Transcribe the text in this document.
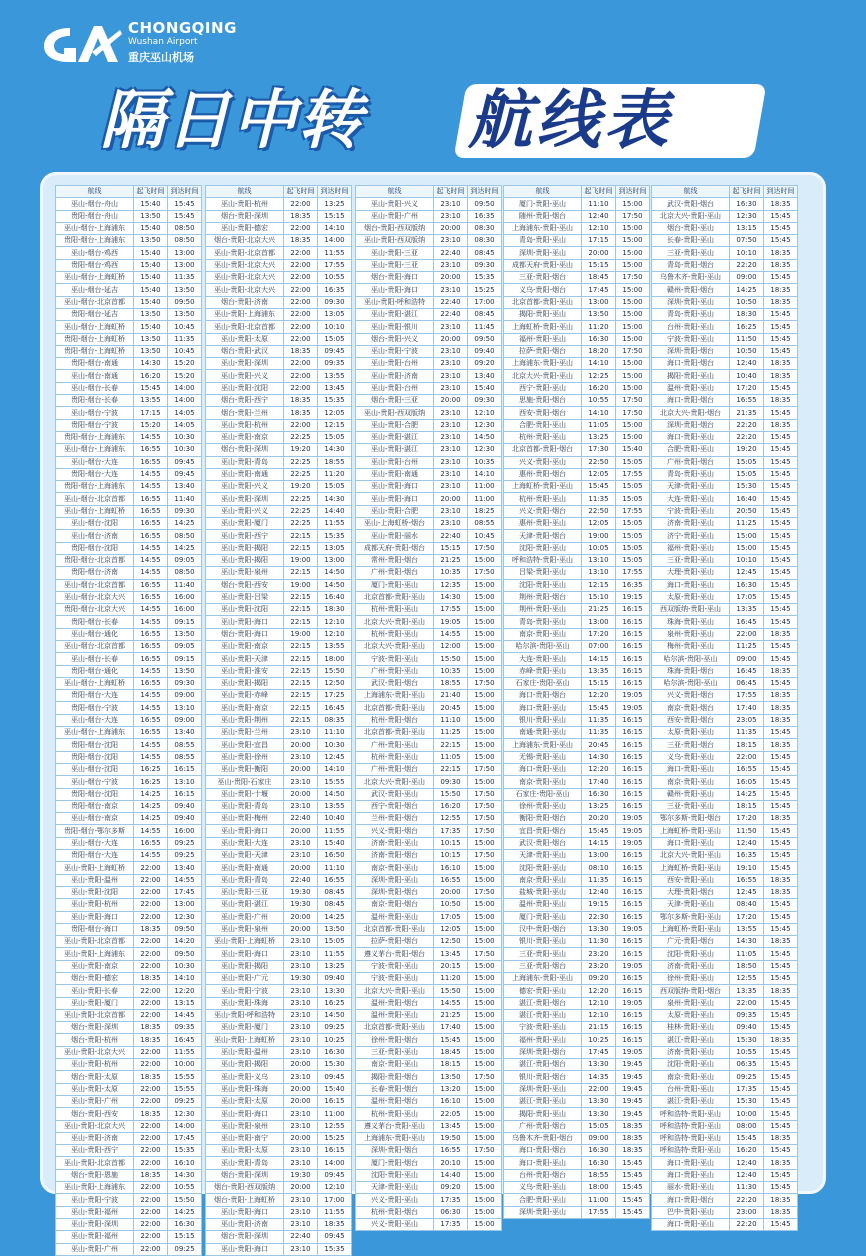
CHONGQING
Wushan Airport
重庆巫山机场
隔日中转 航线表
航线	起飞时间	到达时间
巫山-烟台-舟山	15:40	15:45
贵阳-烟台-舟山	13:50	15:45
巫山-烟台-上海浦东	15:40	08:50
贵阳-烟台-上海浦东	13:50	08:50
巫山-烟台-鸡西	15:40	13:00
贵阳-烟台-鸡西	15:40	13:00
巫山-烟台-上海虹桥	15:40	11:35
巫山-烟台-延吉	15:40	13:50
巫山-烟台-北京首都	15:40	09:50
贵阳-烟台-延吉	13:50	13:50
巫山-烟台-上海虹桥	15:40	10:45
贵阳-烟台-上海虹桥	13:50	11:35
贵阳-烟台-上海虹桥	13:50	10:45
贵阳-烟台-南通	14:30	15:20
巫山-烟台-南通	16:20	15:20
巫山-烟台-长春	15:45	14:00
贵阳-烟台-长春	13:55	14:00
巫山-烟台-宁波	17:15	14:05
贵阳-烟台-宁波	15:20	14:05
贵阳-烟台-上海浦东	14:55	10:30
巫山-烟台-上海浦东	16:55	10:30
巫山-烟台-大连	16:55	09:45
贵阳-烟台-大连	14:55	09:45
贵阳-烟台-上海浦东	14:55	13:40
巫山-烟台-北京首都	16:55	11:40
巫山-烟台-上海虹桥	16:55	09:30
巫山-烟台-沈阳	16:55	14:25
巫山-烟台-济南	16:55	08:50
贵阳-烟台-沈阳	14:55	14:25
贵阳-烟台-北京首都	14:55	09:05
贵阳-烟台-济南	14:55	08:50
巫山-烟台-北京首都	16:55	11:40
巫山-烟台-北京大兴	16:55	16:00
贵阳-烟台-北京大兴	14:55	16:00
贵阳-烟台-长春	14:55	09:15
巫山-烟台-通化	16:55	13:50
巫山-烟台-北京首都	16:55	09:05
巫山-烟台-长春	16:55	09:15
贵阳-烟台-通化	14:55	13:50
巫山-烟台-上海虹桥	16:55	09:30
贵阳-烟台-大连	14:55	09:00
贵阳-烟台-宁波	14:55	13:10
巫山-烟台-大连	16:55	09:00
巫山-烟台-上海浦东	16:55	13:40
贵阳-烟台-沈阳	14:55	08:55
贵阳-烟台-沈阳	14:55	08:55
巫山-烟台-沈阳	16:25	16:15
巫山-烟台-宁波	16:25	13:10
贵阳-烟台-沈阳	14:25	16:15
贵阳-烟台-南京	14:25	09:40
巫山-烟台-南京	14:25	09:40
贵阳-烟台-鄂尔多斯	14:55	16:00
巫山-烟台-大连	16:55	09:25
贵阳-烟台-大连	14:55	09:25
巫山-贵阳-上海虹桥	22:00	13:40
巫山-贵阳-温州	22:00	14:55
巫山-贵阳-沈阳	22:00	17:45
巫山-贵阳-杭州	22:00	13:00
巫山-贵阳-海口	22:00	12:30
贵阳-烟台-海口	18:35	09:50
巫山-贵阳-北京首都	22:00	14:20
巫山-贵阳-上海浦东	22:00	09:50
巫山-贵阳-南京	22:00	10:30
烟台-贵阳-德宏	18:35	14:10
巫山-贵阳-长春	22:00	12:20
巫山-贵阳-厦门	22:00	13:15
巫山-贵阳-北京首都	22:00	14:45
烟台-贵阳-深圳	18:35	09:35
烟台-贵阳-杭州	18:35	16:45
巫山-贵阳-北京大兴	22:00	11:55
巫山-贵阳-杭州	22:00	10:00
烟台-贵阳-太原	18:35	15:55
巫山-贵阳-太原	22:00	15:55
巫山-贵阳-广州	22:00	09:25
烟台-贵阳-西安	18:35	12:30
巫山-贵阳-北京大兴	22:00	14:00
巫山-贵阳-济南	22:00	17:45
巫山-贵阳-西宁	22:00	15:35
巫山-贵阳-北京首都	22:00	16:10
烟台-贵阳-恩施	18:35	14:30
巫山-贵阳-上海浦东	22:00	10:55
巫山-贵阳-宁波	22:00	15:50
巫山-贵阳-福州	22:00	14:25
巫山-贵阳-深圳	22:00	16:30
巫山-贵阳-福州	22:00	15:15
巫山-贵阳-广州	22:00	09:25
航线	起飞时间	到达时间
巫山-贵阳-杭州	22:00	13:25
烟台-贵阳-深圳	18:35	15:15
巫山-贵阳-德宏	22:00	14:10
烟台-贵阳-北京大兴	18:35	14:00
巫山-贵阳-北京首都	22:00	11:55
巫山-贵阳-北京大兴	22:00	17:55
巫山-贵阳-北京大兴	22:00	10:55
巫山-贵阳-北京大兴	22:00	16:35
烟台-贵阳-济南	22:00	09:30
巫山-贵阳-上海浦东	22:00	13:05
巫山-贵阳-北京首都	22:00	10:10
巫山-贵阳-太原	22:00	15:05
烟台-贵阳-武汉	18:35	09:45
巫山-贵阳-深圳	22:00	09:35
巫山-贵阳-兴义	22:00	13:55
巫山-贵阳-沈阳	22:00	13:45
烟台-贵阳-西宁	18:35	15:35
烟台-贵阳-兰州	18:35	12:05
巫山-贵阳-杭州	22:00	12:15
巫山-贵阳-南京	22:25	15:05
烟台-贵阳-深圳	19:20	14:30
巫山-贵阳-青岛	22:25	18:55
巫山-贵阳-南通	22:25	11:20
巫山-贵阳-兴义	19:20	15:05
巫山-贵阳-深圳	22:25	14:30
巫山-贵阳-兴义	22:25	14:40
巫山-贵阳-厦门	22:25	11:55
巫山-贵阳-西宁	22:15	15:35
巫山-贵阳-揭阳	22:15	13:05
巫山-贵阳-揭阳	19:00	13:00
巫山-贵阳-泉州	22:15	14:50
烟台-贵阳-西安	19:00	14:50
巫山-贵阳-吕梁	22:15	16:40
巫山-贵阳-沈阳	22:15	18:30
巫山-贵阳-海口	22:15	12:10
烟台-贵阳-海口	19:00	12:10
巫山-贵阳-南京	22:15	13:55
巫山-贵阳-天津	22:15	18:00
巫山-贵阳-淮安	22:15	15:50
巫山-贵阳-揭阳	22:15	12:50
巫山-贵阳-赤峰	22:15	17:25
巫山-贵阳-南京	22:15	16:45
巫山-贵阳-荆州	22:15	08:35
巫山-贵阳-兰州	23:10	11:10
巫山-贵阳-宜昌	20:00	10:30
巫山-贵阳-徐州	23:10	12:45
巫山-贵阳-衡阳	20:00	14:10
巫山-贵阳-石家庄	23:10	15:55
巫山-贵阳-十堰	20:00	14:50
巫山-贵阳-青岛	23:10	13:55
巫山-贵阳-梅州	22:40	10:40
巫山-贵阳-海口	20:00	11:55
巫山-贵阳-大连	23:10	15:40
巫山-贵阳-天津	23:10	16:50
巫山-贵阳-南通	20:00	11:10
巫山-贵阳-青岛	22:40	16:55
巫山-贵阳-三亚	19:30	08:45
巫山-贵阳-湛江	19:30	08:45
巫山-贵阳-广州	20:00	14:25
巫山-贵阳-泉州	20:00	13:50
巫山-贵阳-上海虹桥	23:10	15:05
巫山-贵阳-海口	23:10	11:55
巫山-贵阳-揭阳	23:10	13:25
巫山-贵阳-广元	19:30	09:40
巫山-贵阳-宁波	23:10	13:30
巫山-贵阳-珠海	23:10	16:25
巫山-贵阳-呼和浩特	23:10	14:50
巫山-贵阳-厦门	23:10	09:25
巫山-贵阳-上海虹桥	23:10	10:25
巫山-贵阳-温州	23:10	16:30
巫山-贵阳-揭阳	20:00	15:30
巫山-贵阳-义乌	23:10	09:45
巫山-贵阳-珠海	20:00	15:40
巫山-贵阳-太原	20:00	16:15
巫山-贵阳-海口	23:10	11:00
巫山-贵阳-泉州	23:10	12:55
巫山-贵阳-南宁	20:00	15:25
巫山-贵阳-太原	23:10	16:15
巫山-贵阳-青岛	23:10	14:00
烟台-贵阳-深圳	19:30	09:45
烟台-贵阳-西双版纳	20:00	12:10
烟台-贵阳-上海虹桥	23:10	17:00
巫山-贵阳-海口	23:10	11:55
巫山-贵阳-济南	23:10	18:35
烟台-贵阳-深圳	22:40	09:45
巫山-贵阳-海口	23:10	15:35
航线	起飞时间	到达时间
巫山-贵阳-兴义	23:10	09:50
巫山-贵阳-广州	23:10	16:35
烟台-贵阳-西双版纳	20:00	08:30
巫山-贵阳-西双版纳	23:10	08:30
巫山-贵阳-三亚	22:40	08:45
巫山-贵阳-三亚	23:10	09:30
烟台-贵阳-海口	20:00	15:35
巫山-贵阳-海口	23:10	15:25
巫山-贵阳-呼和浩特	22:40	17:00
巫山-贵阳-湛江	22:40	08:45
巫山-贵阳-银川	23:10	11:45
烟台-贵阳-兴义	20:00	09:50
巫山-贵阳-宁波	23:10	09:40
巫山-贵阳-台州	23:10	09:20
巫山-贵阳-济南	23:10	13:40
巫山-贵阳-台州	23:10	15:40
烟台-贵阳-三亚	20:00	09:30
巫山-贵阳-西双版纳	23:10	12:10
巫山-贵阳-合肥	23:10	12:30
巫山-贵阳-湛江	23:10	14:50
巫山-贵阳-湛江	23:10	12:30
巫山-贵阳-台州	23:10	10:35
巫山-贵阳-南通	23:10	14:10
巫山-贵阳-海口	23:10	11:00
巫山-贵阳-海口	20:00	11:00
巫山-贵阳-合肥	23:10	18:25
巫山-上海虹桥-烟台	23:10	08:55
巫山-贵阳-丽水	22:40	10:45
成都天府-贵阳-烟台	15:15	17:50
常州-贵阳-烟台	21:25	15:00
广州-贵阳-烟台	10:35	17:50
厦门-贵阳-巫山	12:35	15:00
北京首都-贵阳-巫山	14:30	15:00
杭州-贵阳-巫山	17:55	15:00
北京大兴-贵阳-巫山	19:05	15:00
杭州-贵阳-巫山	14:55	15:00
北京大兴-贵阳-巫山	12:00	15:00
宁波-贵阳-巫山	15:50	15:00
广州-贵阳-巫山	10:35	15:00
武汉-贵阳-烟台	18:55	17:50
上海浦东-贵阳-巫山	21:40	15:00
北京首都-贵阳-巫山	20:45	15:00
杭州-贵阳-烟台	11:10	15:00
北京首都-贵阳-巫山	11:25	15:00
广州-贵阳-巫山	22:15	15:00
杭州-贵阳-巫山	11:05	15:00
广州-贵阳-烟台	22:15	17:50
北京大兴-贵阳-巫山	09:30	15:00
武汉-贵阳-巫山	15:50	17:50
西宁-贵阳-烟台	16:20	17:50
兰州-贵阳-烟台	12:55	17:50
兴义-贵阳-烟台	17:35	17:50
济南-贵阳-巫山	10:15	15:00
济南-贵阳-烟台	10:15	17:50
南京-贵阳-巫山	16:10	15:00
深圳-贵阳-巫山	16:55	15:00
深圳-贵阳-烟台	20:00	17:50
南京-贵阳-烟台	10:50	15:00
温州-贵阳-巫山	17:05	15:00
北京首都-贵阳-巫山	12:05	15:00
拉萨-贵阳-烟台	12:50	15:00
遵义茅台-贵阳-烟台	13:45	17:50
宁波-贵阳-巫山	20:15	15:00
宁波-贵阳-巫山	11:20	15:00
北京大兴-贵阳-巫山	15:50	15:00
温州-贵阳-烟台	14:55	15:00
温州-贵阳-巫山	21:25	15:00
北京首都-贵阳-巫山	17:40	15:00
徐州-贵阳-烟台	15:45	15:00
三亚-贵阳-巫山	18:45	15:00
南京-贵阳-巫山	18:15	15:00
揭阳-贵阳-烟台	13:50	17:50
长春-贵阳-烟台	13:20	15:00
温州-贵阳-烟台	16:10	15:00
杭州-贵阳-巫山	22:05	15:00
遵义茅台-贵阳-巫山	13:45	15:00
上海浦东-贵阳-巫山	19:50	15:00
深圳-贵阳-烟台	16:55	17:50
厦门-贵阳-烟台	20:10	15:00
沈阳-贵阳-巫山	14:40	15:00
天津-贵阳-巫山	09:20	15:00
兴义-贵阳-巫山	17:35	15:00
杭州-贵阳-烟台	06:30	15:00
兴义-贵阳-巫山	17:35	15:00
航线	起飞时间	到达时间
厦门-贵阳-巫山	11:10	15:00
随州-贵阳-烟台	12:40	17:50
上海浦东-贵阳-巫山	12:10	15:00
青岛-贵阳-巫山	17:15	15:00
深圳-贵阳-巫山	20:00	15:00
成都天府-贵阳-巫山	15:15	15:00
三亚-贵阳-烟台	18:45	17:50
义乌-贵阳-烟台	17:45	15:00
北京首都-贵阳-巫山	13:00	15:00
揭阳-贵阳-巫山	13:50	15:00
上海虹桥-贵阳-巫山	11:20	15:00
福州-贵阳-巫山	16:30	15:00
拉萨-贵阳-烟台	18:20	17:50
上海浦东-贵阳-巫山	14:10	15:00
北京大兴-贵阳-巫山	12:25	15:00
西宁-贵阳-巫山	16:20	15:00
思施-贵阳-烟台	10:55	17:50
西安-贵阳-烟台	14:10	17:50
合肥-贵阳-巫山	11:05	15:00
杭州-贵阳-巫山	13:25	15:00
北京首都-贵阳-烟台	17:30	15:40
兴义-贵阳-巫山	22:50	15:05
惠州-贵阳-烟台	12:05	17:55
上海虹桥-贵阳-巫山	15:45	15:05
杭州-贵阳-巫山	11:35	15:05
兴义-贵阳-烟台	22:50	17:55
惠州-贵阳-巫山	12:05	15:05
天津-贵阳-烟台	19:00	15:05
沈阳-贵阳-巫山	10:05	15:05
呼和浩特-贵阳-巫山	13:10	15:05
吕梁-贵阳-巫山	13:10	17:55
沈阳-贵阳-巫山	12:15	16:35
荆州-贵阳-烟台	15:10	19:15
荆州-贵阳-巫山	21:25	16:15
青岛-贵阳-巫山	13:00	16:15
南京-贵阳-巫山	17:20	16:15
哈尔滨-贵阳-巫山	07:00	16:15
大连-贵阳-巫山	14:15	16:15
赤峰-贵阳-巫山	13:35	16:15
石家庄-贵阳-巫山	15:15	16:15
海口-贵阳-烟台	12:20	19:05
海口-贵阳-巫山	15:45	19:05
银川-贵阳-巫山	11:35	16:15
南通-贵阳-巫山	11:35	16:15
上海浦东-贵阳-巫山	20:45	16:15
无锡-贵阳-巫山	14:30	16:15
海口-贵阳-巫山	12:20	16:15
南京-贵阳-巫山	17:40	16:15
石家庄-贵阳-巫山	16:30	16:15
徐州-贵阳-巫山	13:25	16:15
衡阳-贵阳-烟台	20:20	19:05
宜昌-贵阳-烟台	15:45	19:05
武汉-贵阳-烟台	14:15	19:05
天津-贵阳-巫山	13:00	16:15
沈阳-贵阳-巫山	08:10	16:15
南京-贵阳-巫山	11:35	16:15
盐城-贵阳-巫山	12:40	16:15
温州-贵阳-巫山	19:15	16:15
厦门-贵阳-巫山	22:30	16:15
汉中-贵阳-烟台	13:30	19:05
银川-贵阳-巫山	11:30	16:15
三亚-贵阳-巫山	23:20	16:15
三亚-贵阳-烟台	23:20	19:05
上海浦东-贵阳-巫山	09:20	16:15
德宏-贵阳-巫山	12:20	16:15
湛江-贵阳-烟台	12:10	19:05
湛江-贵阳-巫山	12:10	16:15
宁波-贵阳-巫山	21:15	16:15
福州-贵阳-巫山	10:25	16:15
深圳-贵阳-烟台	17:45	19:05
湛江-贵阳-烟台	13:30	19:45
银川-贵阳-烟台	14:35	19:45
深圳-贵阳-巫山	22:00	19:45
湛江-贵阳-巫山	13:30	19:45
揭阳-贵阳-巫山	13:30	19:45
广州-贵阳-烟台	15:05	18:35
乌鲁木齐-贵阳-烟台	09:00	18:35
海口-贵阳-烟台	16:30	18:35
海口-贵阳-巫山	16:30	15:45
台州-贵阳-烟台	18:55	15:45
义乌-贵阳-巫山	18:00	15:45
合肥-贵阳-巫山	11:00	15:45
深圳-贵阳-巫山	17:55	15:45
航线	起飞时间	到达时间
武汉-贵阳-烟台	16:30	18:35
北京大兴-贵阳-巫山	12:30	15:45
烟台-贵阳-巫山	13:15	15:45
长春-贵阳-巫山	07:50	15:45
三亚-贵阳-巫山	10:10	18:35
青岛-贵阳-烟台	22:20	18:35
乌鲁木齐-贵阳-巫山	09:00	15:45
赣州-贵阳-烟台	14:25	18:35
深圳-贵阳-巫山	10:50	18:35
青岛-贵阳-巫山	18:30	15:45
台州-贵阳-巫山	16:25	15:45
宁波-贵阳-巫山	11:50	15:45
深圳-贵阳-烟台	10:50	15:45
海口-贵阳-烟台	12:40	18:35
揭阳-贵阳-巫山	10:40	18:35
温州-贵阳-巫山	17:20	15:45
海口-贵阳-烟台	16:55	18:35
北京大兴-贵阳-烟台	21:35	15:45
深圳-贵阳-烟台	22:20	18:35
海口-贵阳-巫山	22:20	15:45
合肥-贵阳-巫山	19:20	15:45
广州-贵阳-烟台	15:05	15:45
青岛-贵阳-巫山	15:05	15:45
天津-贵阳-巫山	15:30	15:45
大连-贵阳-巫山	16:40	15:45
宁波-贵阳-巫山	20:50	15:45
济南-贵阳-巫山	11:25	15:45
济宁-贵阳-巫山	15:00	15:45
福州-贵阳-巫山	15:00	15:45
三亚-贵阳-巫山	10:10	15:45
大理-贵阳-巫山	12:45	15:45
海口-贵阳-巫山	16:30	15:45
太原-贵阳-巫山	17:05	15:45
西双版纳-贵阳-巫山	13:35	15:45
珠海-贵阳-巫山	16:45	15:45
泉州-贵阳-巫山	22:00	18:35
梅州-贵阳-巫山	11:25	15:45
哈尔滨-贵阳-巫山	09:00	15:45
珠海-贵阳-烟台	16:45	18:35
哈尔滨-贵阳-巫山	06:45	15:45
兴义-贵阳-烟台	17:55	18:35
南京-贵阳-烟台	17:40	18:35
西安-贵阳-烟台	23:05	18:35
太原-贵阳-巫山	11:35	15:45
三亚-贵阳-烟台	18:15	18:35
义乌-贵阳-巫山	22:00	15:45
海口-贵阳-巫山	16:55	15:45
南京-贵阳-巫山	16:05	15:45
赣州-贵阳-巫山	14:25	15:45
三亚-贵阳-巫山	18:15	15:45
鄂尔多斯-贵阳-烟台	17:20	18:35
上海虹桥-贵阳-巫山	11:50	15:45
海口-贵阳-巫山	12:40	15:45
北京大兴-贵阳-巫山	16:35	15:45
上海虹桥-贵阳-巫山	19:10	15:45
西安-贵阳-巫山	16:55	18:35
大理-贵阳-烟台	12:45	18:35
天津-贵阳-巫山	08:40	15:45
鄂尔多斯-贵阳-巫山	17:20	15:45
上海虹桥-贵阳-巫山	13:55	15:45
广元-贵阳-烟台	14:30	18:35
沈阳-贵阳-巫山	11:05	15:45
济南-贵阳-巫山	18:50	15:45
徐州-贵阳-巫山	12:55	15:45
西双版纳-贵阳-烟台	13:35	18:35
泉州-贵阳-巫山	22:00	15:45
太原-贵阳-巫山	09:35	15:45
桂林-贵阳-巫山	09:40	15:45
湛江-贵阳-巫山	15:30	18:35
济南-贵阳-巫山	10:55	15:45
沈阳-贵阳-巫山	06:35	15:45
南京-贵阳-巫山	09:25	15:45
台州-贵阳-巫山	17:35	15:45
湛江-贵阳-巫山	15:30	15:45
呼和浩特-贵阳-巫山	10:00	15:45
呼和浩特-贵阳-巫山	08:00	15:45
呼和浩特-贵阳-巫山	15:45	18:35
呼和浩特-贵阳-巫山	16:20	15:45
海口-贵阳-巫山	12:40	18:35
海口-贵阳-巫山	12:40	15:45
丽水-贵阳-巫山	11:30	15:45
海口-贵阳-烟台	22:20	18:35
巴中-贵阳-巫山	23:00	18:35
海口-贵阳-巫山	22:20	15:45
